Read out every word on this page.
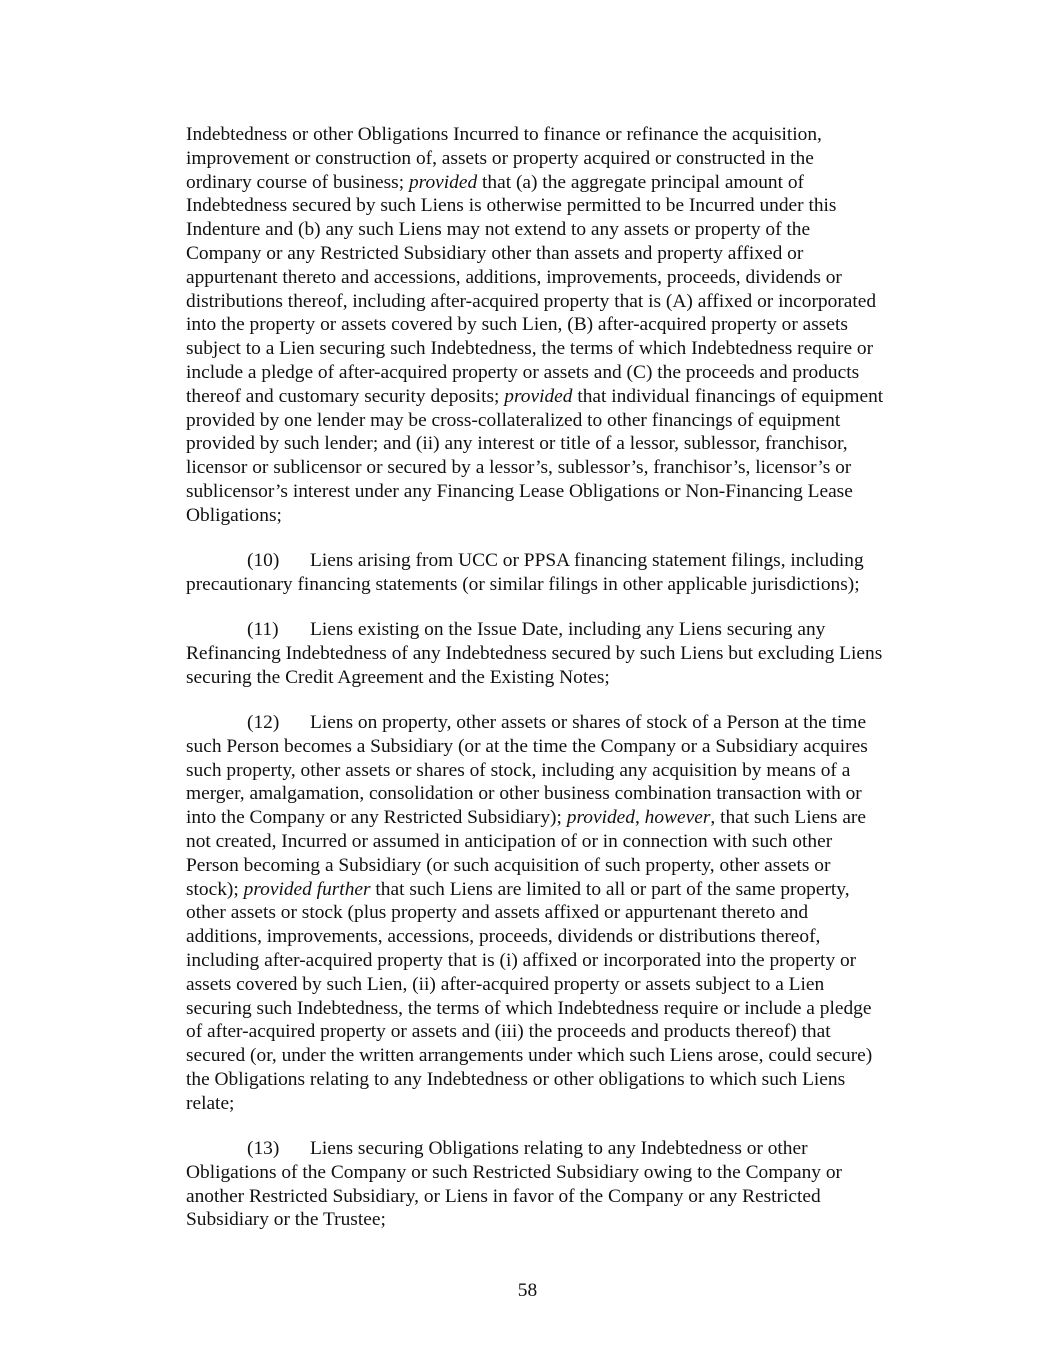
Indebtedness or other Obligations Incurred to finance or refinance the acquisition,
improvement or construction of, assets or property acquired or constructed in the
ordinary course of business; provided that (a) the aggregate principal amount of
Indebtedness secured by such Liens is otherwise permitted to be Incurred under this
Indenture and (b) any such Liens may not extend to any assets or property of the
Company or any Restricted Subsidiary other than assets and property affixed or
appurtenant thereto and accessions, additions, improvements, proceeds, dividends or
distributions thereof, including after-acquired property that is (A) affixed or incorporated
into the property or assets covered by such Lien, (B) after-acquired property or assets
subject to a Lien securing such Indebtedness, the terms of which Indebtedness require or
include a pledge of after-acquired property or assets and (C) the proceeds and products
thereof and customary security deposits; provided that individual financings of equipment
provided by one lender may be cross-collateralized to other financings of equipment
provided by such lender; and (ii) any interest or title of a lessor, sublessor, franchisor,
licensor or sublicensor or secured by a lessor’s, sublessor’s, franchisor’s, licensor’s or
sublicensor’s interest under any Financing Lease Obligations or Non-Financing Lease
Obligations;

(10) Liens arising from UCC or PPSA financing statement filings, including
precautionary financing statements (or similar filings in other applicable jurisdictions);

(11) Liens existing on the Issue Date, including any Liens securing any
Refinancing Indebtedness of any Indebtedness secured by such Liens but excluding Liens
securing the Credit Agreement and the Existing Notes;

(12) Liens on property, other assets or shares of stock of a Person at the time
such Person becomes a Subsidiary (or at the time the Company or a Subsidiary acquires
such property, other assets or shares of stock, including any acquisition by means of a
merger, amalgamation, consolidation or other business combination transaction with or
into the Company or any Restricted Subsidiary); provided, however, that such Liens are
not created, Incurred or assumed in anticipation of or in connection with such other
Person becoming a Subsidiary (or such acquisition of such property, other assets or
stock); provided further that such Liens are limited to all or part of the same property,
other assets or stock (plus property and assets affixed or appurtenant thereto and
additions, improvements, accessions, proceeds, dividends or distributions thereof,
including after-acquired property that is (i) affixed or incorporated into the property or
assets covered by such Lien, (ii) after-acquired property or assets subject to a Lien
securing such Indebtedness, the terms of which Indebtedness require or include a pledge
of after-acquired property or assets and (iii) the proceeds and products thereof) that
secured (or, under the written arrangements under which such Liens arose, could secure)
the Obligations relating to any Indebtedness or other obligations to which such Liens
relate;

(13) Liens securing Obligations relating to any Indebtedness or other
Obligations of the Company or such Restricted Subsidiary owing to the Company or
another Restricted Subsidiary, or Liens in favor of the Company or any Restricted
Subsidiary or the Trustee;

58
